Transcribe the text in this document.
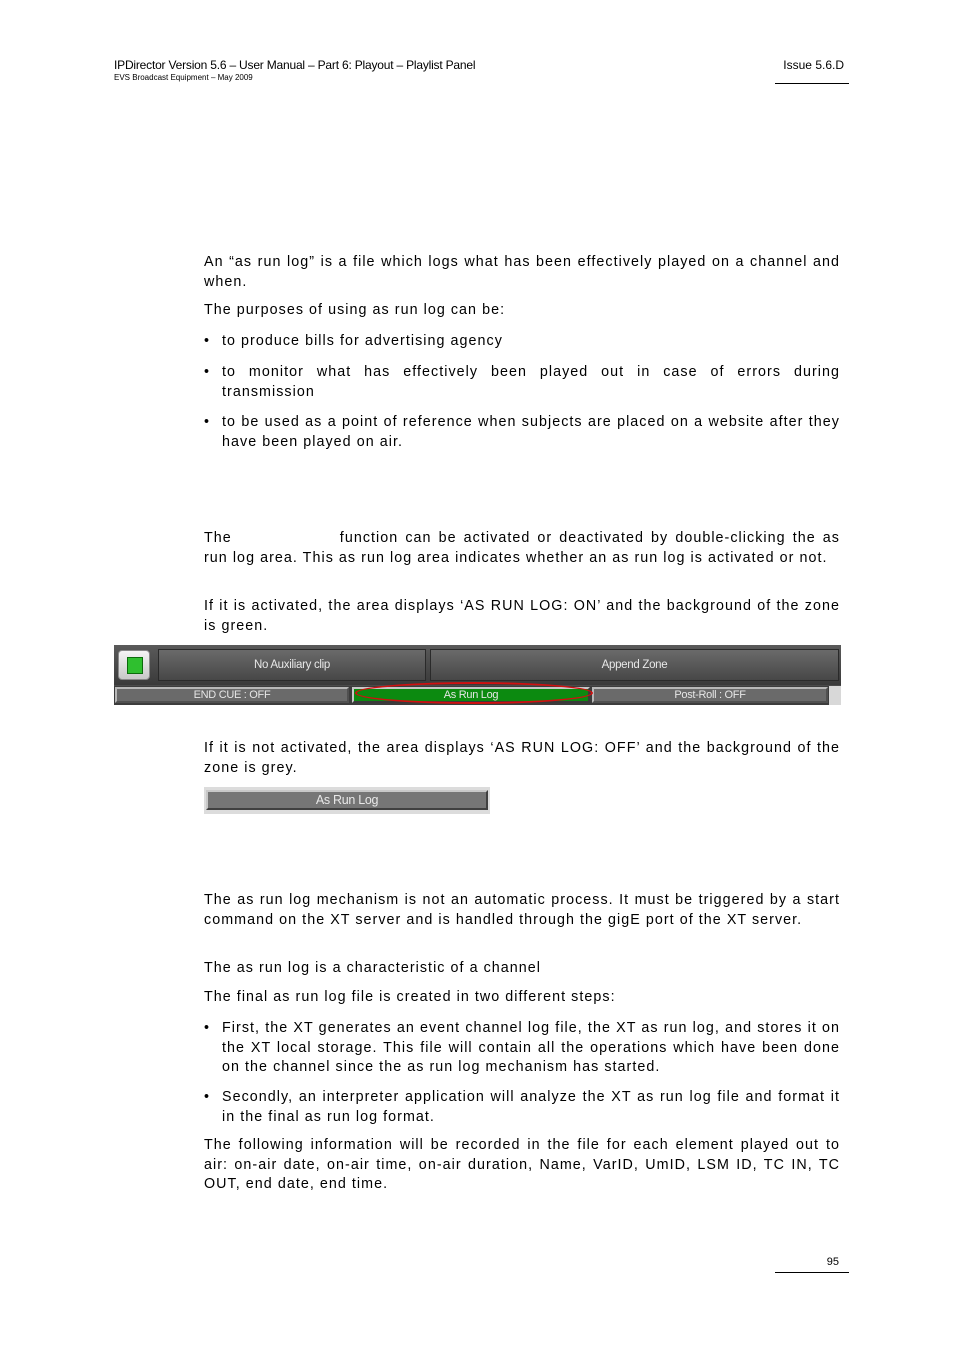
IPDirector Version 5.6 – User Manual – Part 6: Playout – Playlist Panel
EVS Broadcast Equipment – May 2009
Issue 5.6.D

An “as run log” is a file which logs what has been effectively played on a channel and when.

The purposes of using as run log can be:

• to produce bills for advertising agency
• to monitor what has effectively been played out in case of errors during transmission
• to be used as a point of reference when subjects are placed on a website after they have been played on air.

The	function can be activated or deactivated by double-clicking the as run log area. This as run log area indicates whether an as run log is activated or not.

If it is activated, the area displays ‘AS RUN LOG: ON’ and the background of the zone is green.

No Auxiliary clip	Append Zone
END CUE : OFF	As Run Log	Post-Roll : OFF

If it is not activated, the area displays ‘AS RUN LOG: OFF’ and the background of the zone is grey.

As Run Log

The as run log mechanism is not an automatic process. It must be triggered by a start command on the XT server and is handled through the gigE port of the XT server.

The as run log is a characteristic of a channel

The final as run log file is created in two different steps:

• First, the XT generates an event channel log file, the XT as run log, and stores it on the XT local storage. This file will contain all the operations which have been done on the channel since the as run log mechanism has started.
• Secondly, an interpreter application will analyze the XT as run log file and format it in the final as run log format.

The following information will be recorded in the file for each element played out to air: on-air date, on-air time, on-air duration, Name, VarID, UmID, LSM ID, TC IN, TC OUT, end date, end time.

95
